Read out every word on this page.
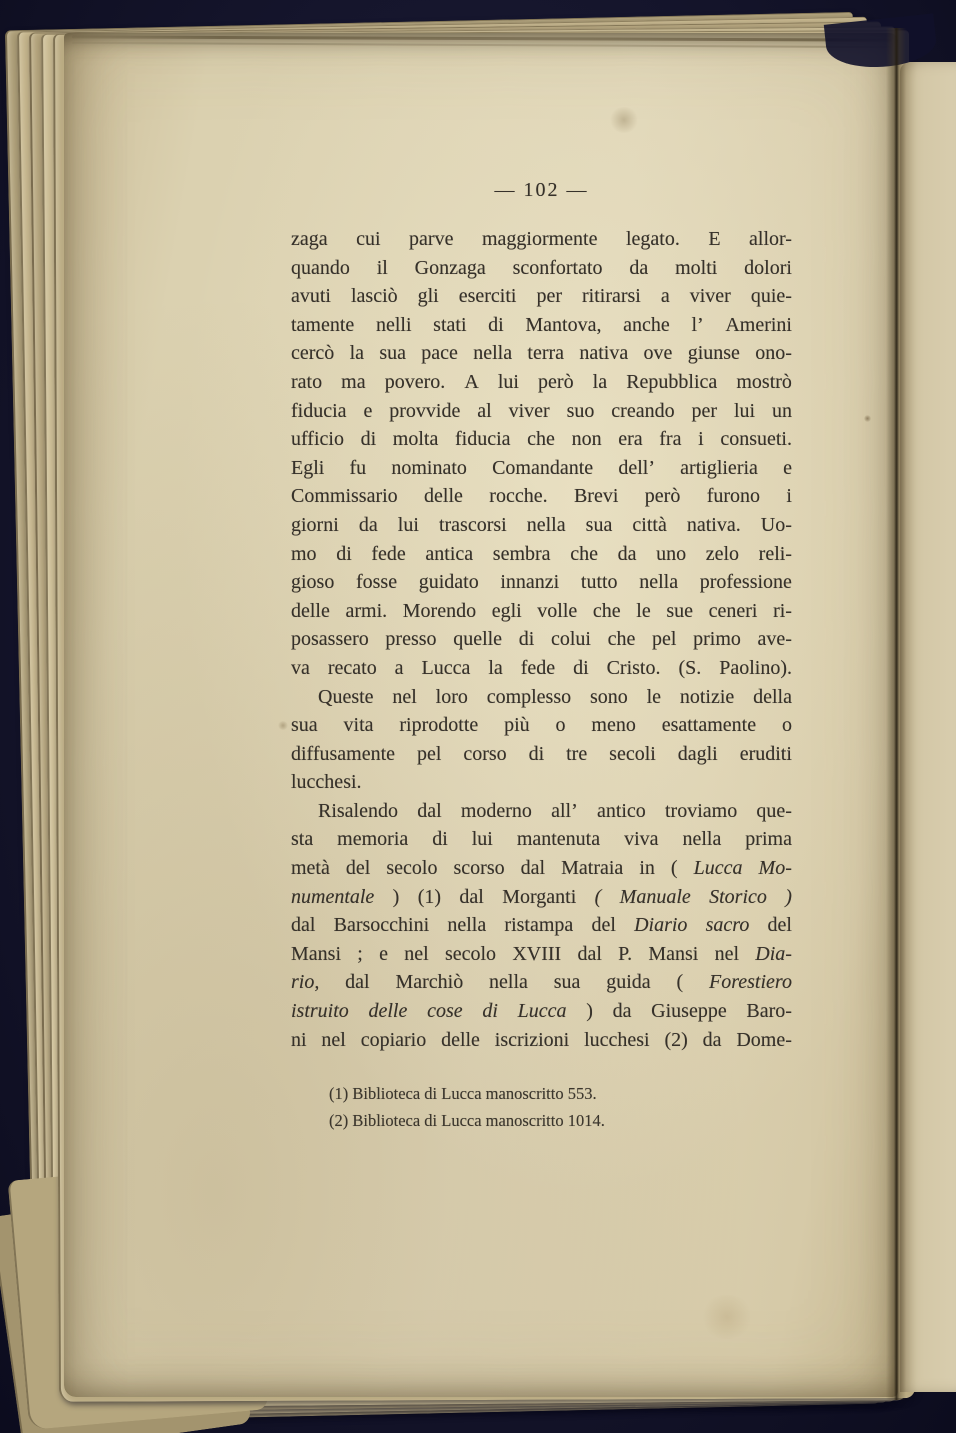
— 102 —
zaga cui parve maggiormente legato. E allor-
quando il Gonzaga sconfortato da molti dolori
avuti lasciò gli eserciti per ritirarsi a viver quie-
tamente nelli stati di Mantova, anche l’ Amerini
cercò la sua pace nella terra nativa ove giunse ono-
rato ma povero. A lui però la Repubblica mostrò
fiducia e provvide al viver suo creando per lui un
ufficio di molta fiducia che non era fra i consueti.
Egli fu nominato Comandante dell’ artiglieria e
Commissario delle rocche. Brevi però furono i
giorni da lui trascorsi nella sua città nativa. Uo-
mo di fede antica sembra che da uno zelo reli-
gioso fosse guidato innanzi tutto nella professione
delle armi. Morendo egli volle che le sue ceneri ri-
posassero presso quelle di colui che pel primo ave-
va recato a Lucca la fede di Cristo. (S. Paolino).
Queste nel loro complesso sono le notizie della
sua vita riprodotte più o meno esattamente o
diffusamente pel corso di tre secoli dagli eruditi
lucchesi.
Risalendo dal moderno all’ antico troviamo que-
sta memoria di lui mantenuta viva nella prima
metà del secolo scorso dal Matraia in ( Lucca Mo-
numentale ) (1) dal Morganti ( Manuale Storico )
dal Barsocchini nella ristampa del Diario sacro del
Mansi ; e nel secolo XVIII dal P. Mansi nel Dia-
rio, dal Marchiò nella sua guida ( Forestiero
istruito delle cose di Lucca ) da Giuseppe Baro-
ni nel copiario delle iscrizioni lucchesi (2) da Dome-
(1) Biblioteca di Lucca manoscritto 553.
(2) Biblioteca di Lucca manoscritto 1014.
